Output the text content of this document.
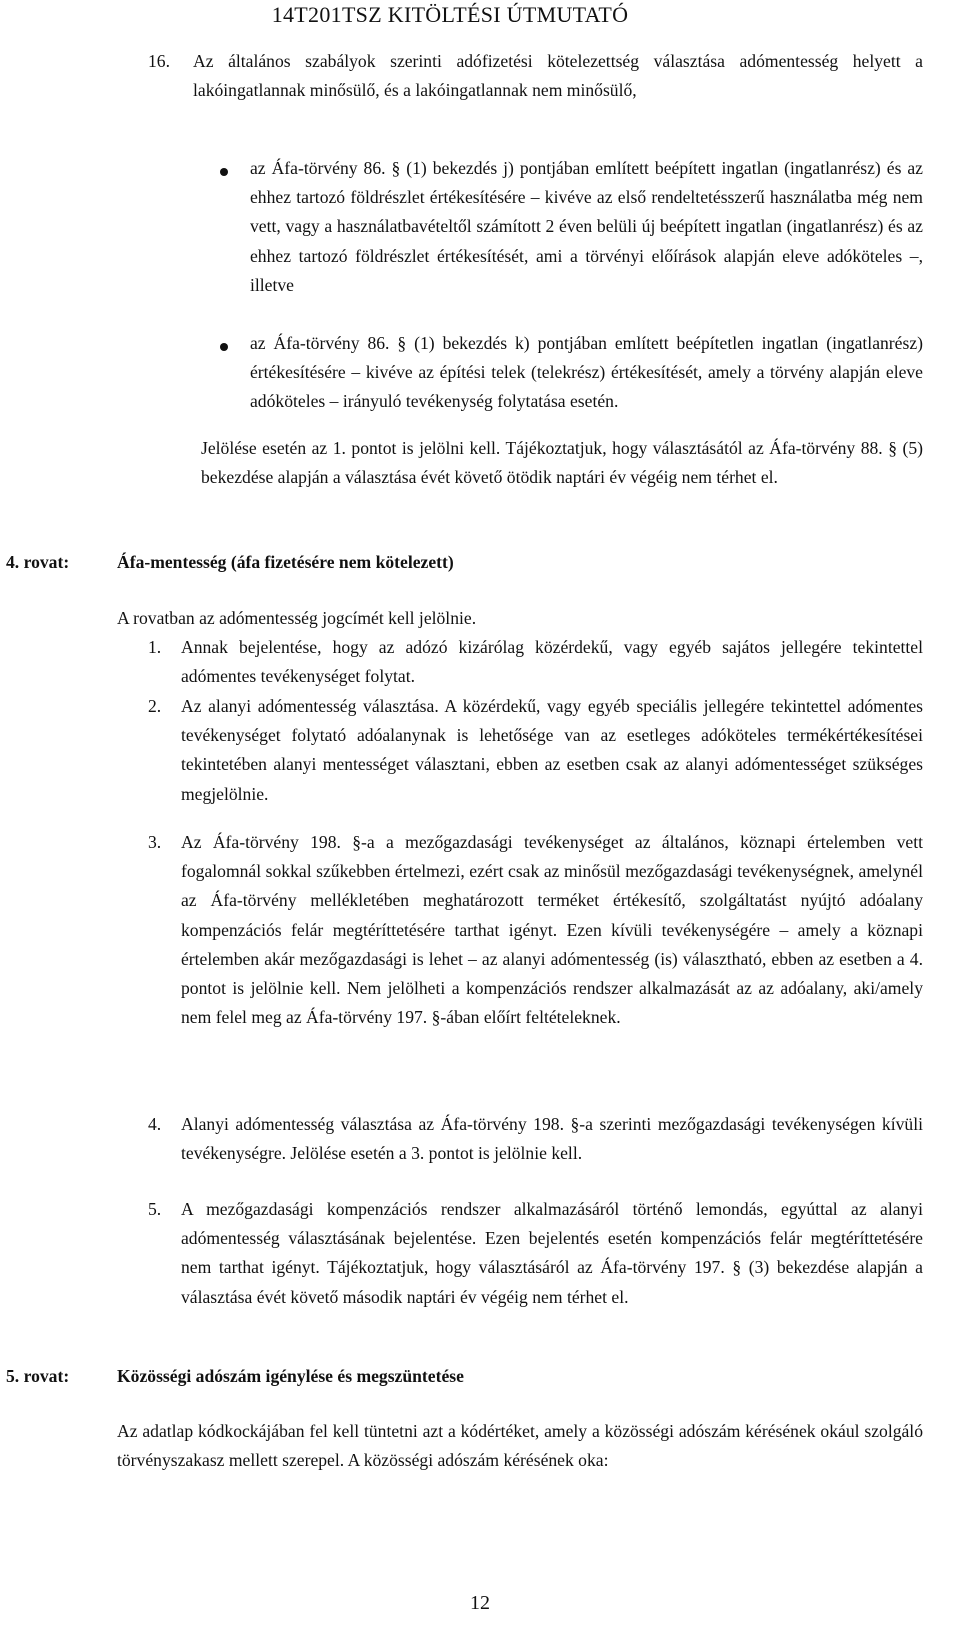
14T201TSZ KITÖLTÉSI ÚTMUTATÓ
16. Az általános szabályok szerinti adófizetési kötelezettség választása adómentesség helyett a lakóingatlannak minősülő, és a lakóingatlannak nem minősülő,
az Áfa-törvény 86. § (1) bekezdés j) pontjában említett beépített ingatlan (ingatlanrész) és az ehhez tartozó földrészlet értékesítésére – kivéve az első rendeltetésszerű használatba még nem vett, vagy a használatbavételtől számított 2 éven belüli új beépített ingatlan (ingatlanrész) és az ehhez tartozó földrészlet értékesítését, ami a törvényi előírások alapján eleve adóköteles –, illetve
az Áfa-törvény 86. § (1) bekezdés k) pontjában említett beépítetlen ingatlan (ingatlanrész) értékesítésére – kivéve az építési telek (telekrész) értékesítését, amely a törvény alapján eleve adóköteles – irányuló tevékenység folytatása esetén.
Jelölése esetén az 1. pontot is jelölni kell. Tájékoztatjuk, hogy választásától az Áfa-törvény 88. § (5) bekezdése alapján a választása évét követő ötödik naptári év végéig nem térhet el.
4. rovat:	Áfa-mentesség (áfa fizetésére nem kötelezett)
A rovatban az adómentesség jogcímét kell jelölnie.
1. Annak bejelentése, hogy az adózó kizárólag közérdekű, vagy egyéb sajátos jellegére tekintettel adómentes tevékenységet folytat.
2. Az alanyi adómentesség választása. A közérdekű, vagy egyéb speciális jellegére tekintettel adómentes tevékenységet folytató adóalanynak is lehetősége van az esetleges adóköteles termékértékesítései tekintetében alanyi mentességet választani, ebben az esetben csak az alanyi adómentességet szükséges megjelölnie.
3. Az Áfa-törvény 198. §-a a mezőgazdasági tevékenységet az általános, köznapi értelemben vett fogalomnál sokkal szűkebben értelmezi, ezért csak az minősül mezőgazdasági tevékenységnek, amelynél az Áfa-törvény mellékletében meghatározott terméket értékesítő, szolgáltatást nyújtó adóalany kompenzációs felár megtéríttetésére tarthat igényt. Ezen kívüli tevékenységére – amely a köznapi értelemben akár mezőgazdasági is lehet – az alanyi adómentesség (is) választható, ebben az esetben a 4. pontot is jelölnie kell. Nem jelölheti a kompenzációs rendszer alkalmazását az az adóalany, aki/amely nem felel meg az Áfa-törvény 197. §-ában előírt feltételeknek.
4. Alanyi adómentesség választása az Áfa-törvény 198. §-a szerinti mezőgazdasági tevékenységen kívüli tevékenységre. Jelölése esetén a 3. pontot is jelölnie kell.
5. A mezőgazdasági kompenzációs rendszer alkalmazásáról történő lemondás, egyúttal az alanyi adómentesség választásának bejelentése. Ezen bejelentés esetén kompenzációs felár megtéríttetésére nem tarthat igényt. Tájékoztatjuk, hogy választásáról az Áfa-törvény 197. § (3) bekezdése alapján a választása évét követő második naptári év végéig nem térhet el.
5. rovat:	Közösségi adószám igénylése és megszüntetése
Az adatlap kódkockájában fel kell tüntetni azt a kódértéket, amely a közösségi adószám kérésének okául szolgáló törvényszakasz mellett szerepel. A közösségi adószám kérésének oka:
12
